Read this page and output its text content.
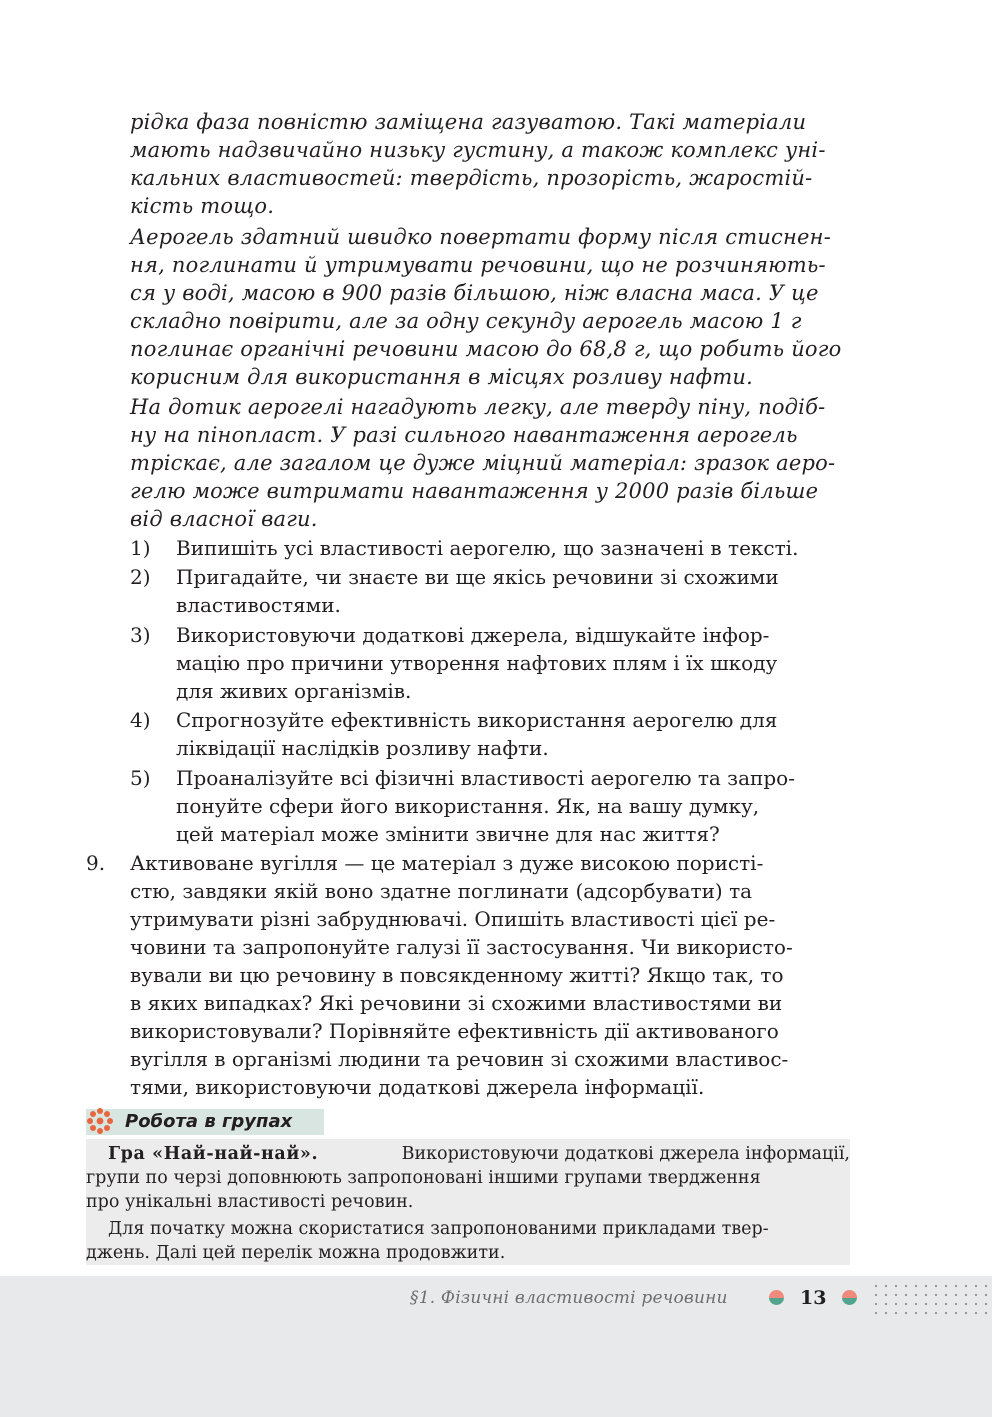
рідка фаза повністю заміщена газуватою. Такі матеріали
мають надзвичайно низьку густину, а також комплекс уні-
кальних властивостей: твердість, прозорість, жаростій-
кість тощо.
Аерогель здатний швидко повертати форму після стиснен-
ня, поглинати й утримувати речовини, що не розчиняють-
ся у воді, масою в 900 разів більшою, ніж власна маса. У це
складно повірити, але за одну секунду аерогель масою 1 г
поглинає органічні речовини масою до 68,8 г, що робить його
корисним для використання в місцях розливу нафти.
На дотик аерогелі нагадують легку, але тверду піну, подіб-
ну на пінопласт. У разі сильного навантаження аерогель
тріскає, але загалом це дуже міцний матеріал: зразок аеро-
гелю може витримати навантаження у 2000 разів більше
від власної ваги.
1) Випишіть усі властивості аерогелю, що зазначені в тексті.
2) Пригадайте, чи знаєте ви ще якісь речовини зі схожими
властивостями.
3) Використовуючи додаткові джерела, відшукайте інфор-
мацію про причини утворення нафтових плям і їх шкоду
для живих організмів.
4) Спрогнозуйте ефективність використання аерогелю для
ліквідації наслідків розливу нафти.
5) Проаналізуйте всі фізичні властивості аерогелю та запро-
понуйте сфери його використання. Як, на вашу думку,
цей матеріал може змінити звичне для нас життя?
9. Активоване вугілля — це матеріал з дуже високою пористі-
стю, завдяки якій воно здатне поглинати (адсорбувати) та
утримувати різні забруднювачі. Опишіть властивості цієї ре-
човини та запропонуйте галузі її застосування. Чи використо-
вували ви цю речовину в повсякденному житті? Якщо так, то
в яких випадках? Які речовини зі схожими властивостями ви
використовували? Порівняйте ефективність дії активованого
вугілля в організмі людини та речовин зі схожими властивос-
тями, використовуючи додаткові джерела інформації.
Робота в групах
Гра «Най-най-най».	Використовуючи додаткові джерела інформації,
групи по черзі доповнюють запропоновані іншими групами твердження
про унікальні властивості речовин.
Для початку можна скористатися запропонованими прикладами твер-
джень. Далі цей перелік можна продовжити.
§1. Фізичні властивості речовини	13
